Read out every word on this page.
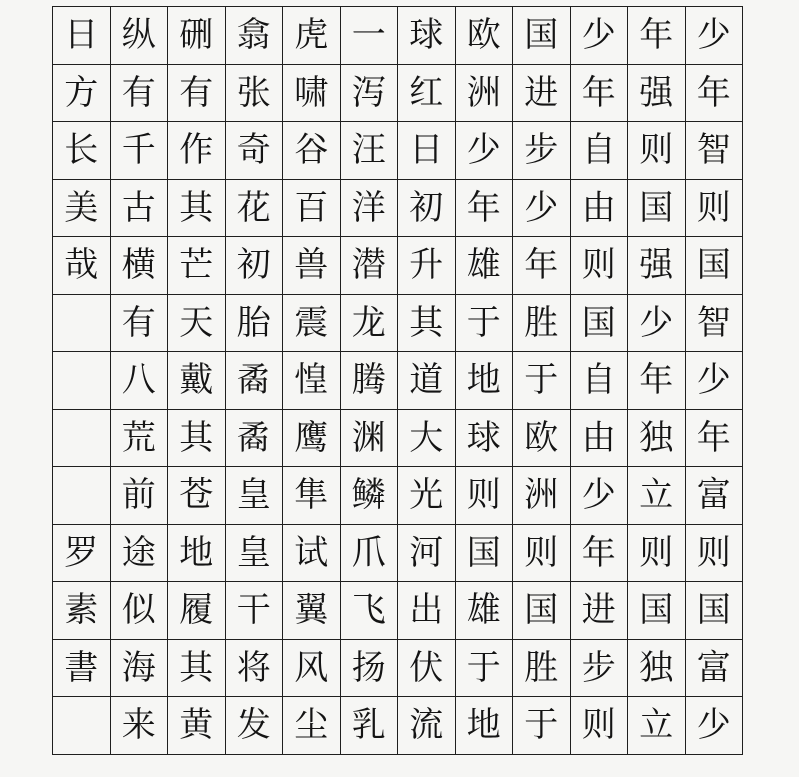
日	纵	硎	翕	虎	一	球	欧	国	少	年	少
方	有	有	张	啸	泻	红	洲	进	年	强	年
长	千	作	奇	谷	汪	日	少	步	自	则	智
美	古	其	花	百	洋	初	年	少	由	国	则
哉	横	芒	初	兽	潜	升	雄	年	则	强	国
	有	天	胎	震	龙	其	于	胜	国	少	智
	八	戴	矞	惶	腾	道	地	于	自	年	少
	荒	其	矞	鹰	渊	大	球	欧	由	独	年
	前	苍	皇	隼	鳞	光	则	洲	少	立	富
罗	途	地	皇	试	爪	河	国	则	年	则	则
素	似	履	干	翼	飞	出	雄	国	进	国	国
書	海	其	将	风	扬	伏	于	胜	步	独	富
	来	黄	发	尘	乳	流	地	于	则	立	少
